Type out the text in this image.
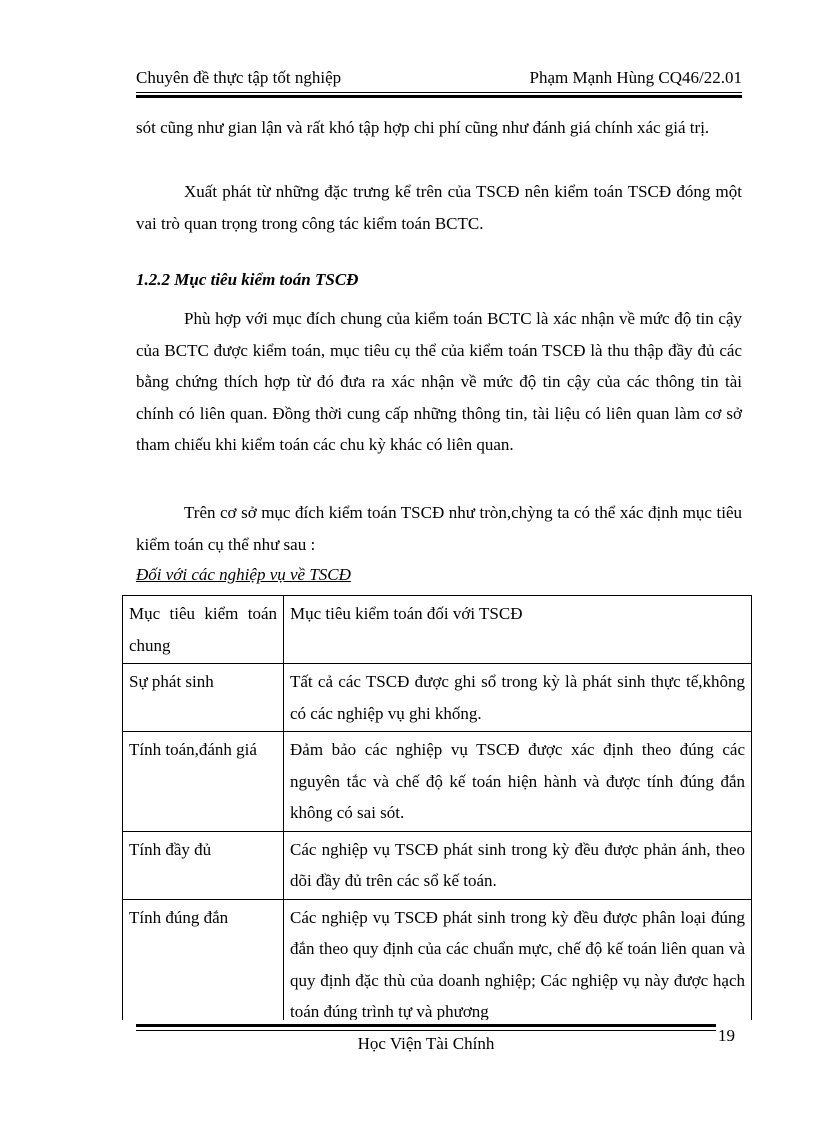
Chuyên đề thực tập tốt nghiệp	Phạm Mạnh Hùng CQ46/22.01
sót cũng như gian lận và rất khó tập hợp chi phí cũng như đánh giá chính xác giá trị.
Xuất phát từ những đặc trưng kể trên của TSCĐ nên kiểm toán TSCĐ đóng một vai trò quan trọng trong công tác kiểm toán BCTC.
1.2.2 Mục tiêu kiểm toán TSCĐ
Phù hợp với mục đích chung của kiểm toán BCTC là xác nhận về mức độ tin cậy của BCTC được kiểm toán, mục tiêu cụ thể của kiểm toán TSCĐ là thu thập đầy đủ các bằng chứng thích hợp từ đó đưa ra xác nhận về mức độ tin cậy của các thông tin tài chính có liên quan. Đồng thời cung cấp những thông tin, tài liệu có liên quan làm cơ sở tham chiếu khi kiểm toán các chu kỳ khác có liên quan.
Trên cơ sở mục đích kiểm toán TSCĐ như tròn,chỳng ta có thể xác định mục tiêu kiểm toán cụ thể như sau :
Đối với các nghiệp vụ về TSCĐ
Mục tiêu kiểm toán chung	Mục tiêu kiểm toán đối với TSCĐ
Sự phát sinh	Tất cả các TSCĐ được ghi sổ trong kỳ là phát sinh thực tế,không có các nghiệp vụ ghi khống.
Tính toán,đánh giá	Đảm bảo các nghiệp vụ TSCĐ được xác định theo đúng các nguyên tắc và chế độ kế toán hiện hành và được tính đúng đắn không có sai sót.
Tính đầy đủ	Các nghiệp vụ TSCĐ phát sinh trong kỳ đều được phản ánh, theo dõi đầy đủ trên các sổ kế toán.
Tính đúng đắn	Các nghiệp vụ TSCĐ phát sinh trong kỳ đều được phân loại đúng đắn theo quy định của các chuẩn mực, chế độ kế toán liên quan và quy định đặc thù của doanh nghiệp; Các nghiệp vụ này được hạch toán đúng trình tự và phương
Học Viện Tài Chính	19
